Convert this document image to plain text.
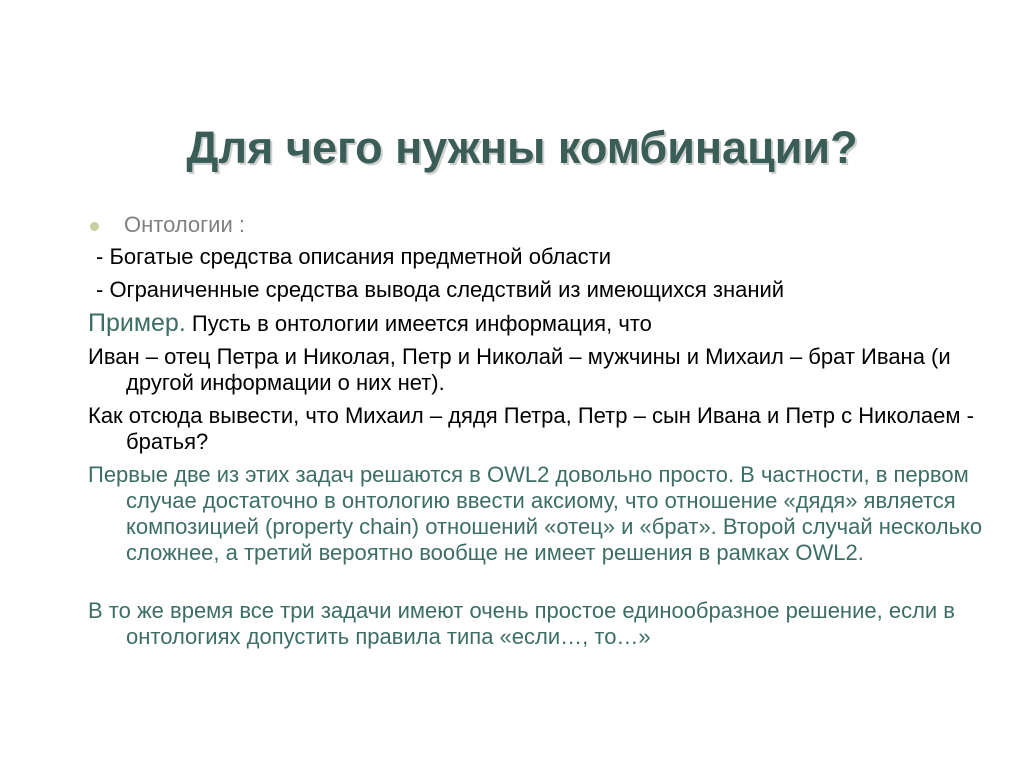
Для чего нужны комбинации?
Онтологии :
- Богатые средства описания предметной области
- Ограниченные средства вывода следствий из имеющихся знаний
Пример. Пусть в онтологии имеется информация, что
Иван – отец Петра и Николая, Петр и Николай – мужчины и Михаил – брат Ивана (и другой информации о них нет).
Как отсюда вывести, что Михаил – дядя Петра, Петр – сын Ивана и Петр с Николаем - братья?
Первые две из этих задач решаются в OWL2 довольно просто. В частности, в первом случае достаточно в онтологию ввести аксиому, что отношение «дядя» является композицией (property chain) отношений «отец» и «брат». Второй случай несколько сложнее, а третий вероятно вообще не имеет решения в рамках OWL2.
В то же время все три задачи имеют очень простое единообразное решение, если в онтологиях допустить правила типа «если…, то…»
